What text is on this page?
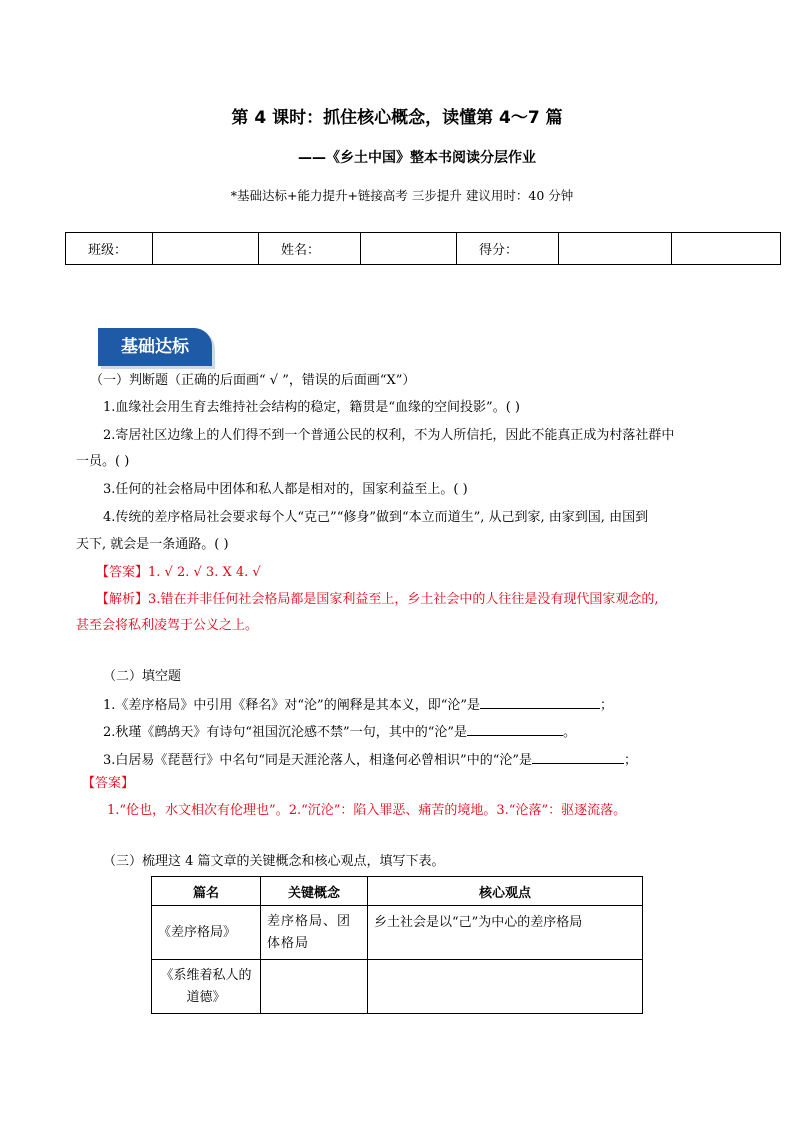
第 4 课时：抓住核心概念，读懂第 4～7 篇
——《乡土中国》整本书阅读分层作业
*基础达标+能力提升+链接高考 三步提升 建议用时：40 分钟
班级：		姓名：		得分：		
基础达标
（一）判断题（正确的后面画“ √ ”，错误的后面画“X”）
1.血缘社会用生育去维持社会结构的稳定，籍贯是“血缘的空间投影”。( )
2.寄居社区边缘上的人们得不到一个普通公民的权利，不为人所信托，因此不能真正成为村落社群中
一员。( )
3.任何的社会格局中团体和私人都是相对的，国家利益至上。( )
4.传统的差序格局社会要求每个人“克己”“修身”做到“本立而道生”, 从己到家, 由家到国, 由国到
天下, 就会是一条通路。( )
【答案】1. √ 2. √ 3. X 4. √
【解析】3.错在并非任何社会格局都是国家利益至上，乡土社会中的人往往是没有现代国家观念的,
甚至会将私利凌驾于公义之上。
（二）填空题
1.《差序格局》中引用《释名》对“沦”的阐释是其本义，即“沦”是	；
2.秋瑾《鹧鸪天》有诗句“祖国沉沦感不禁”一句，其中的“沦”是	。
3.白居易《琵琶行》中名句“同是天涯沦落人，相逢何必曾相识”中的“沦”是	；
【答案】
1.“伦也，水文相次有伦理也”。2.“沉沦”：陷入罪恶、痛苦的境地。3.“沦落”：驱逐流落。
（三）梳理这 4 篇文章的关键概念和核心观点，填写下表。
篇名	关键概念	核心观点
《差序格局》	差序格局、团体格局	乡土社会是以“己”为中心的差序格局
《系维着私人的道德》		
